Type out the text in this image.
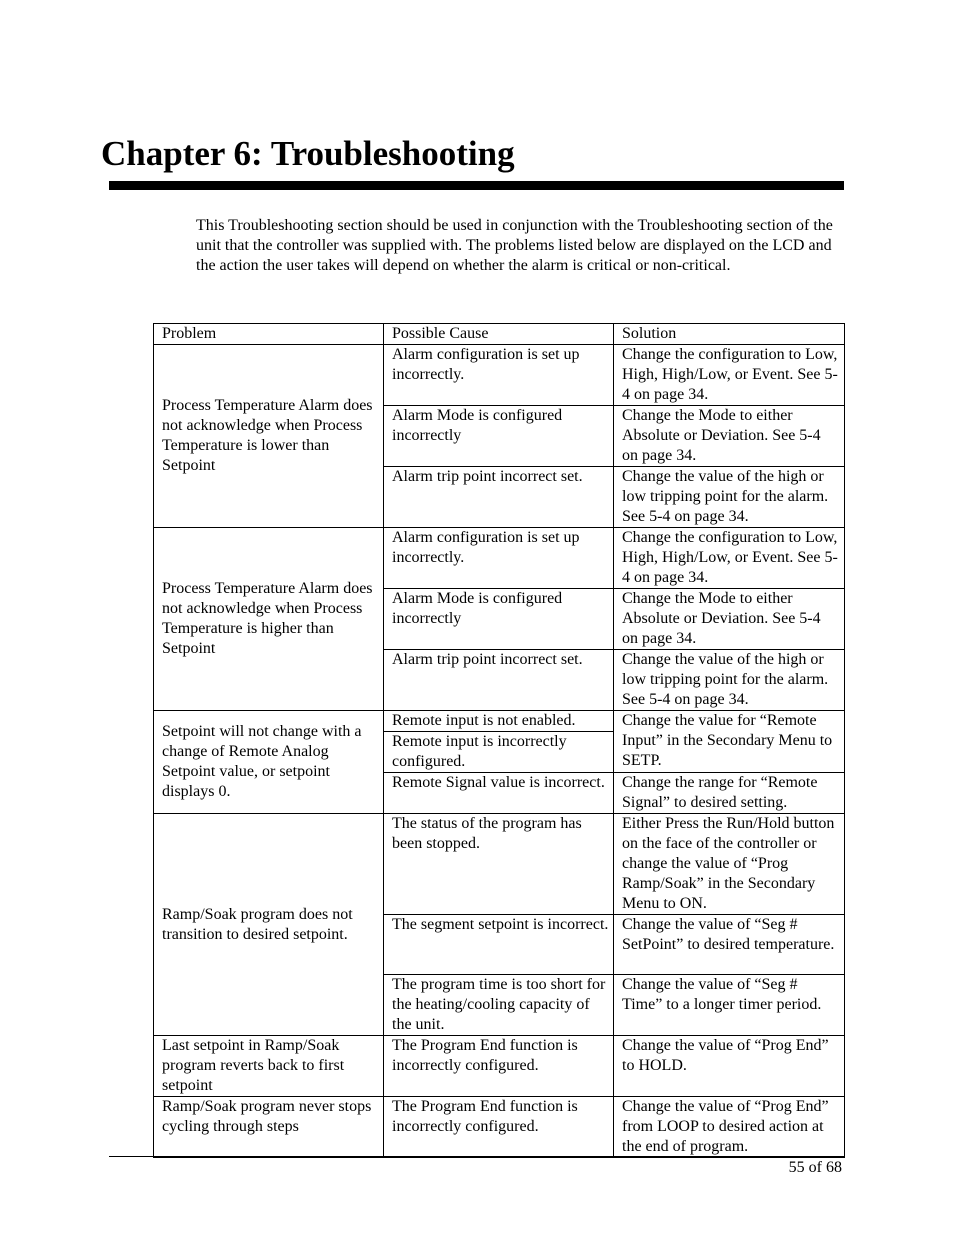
Chapter 6: Troubleshooting

This Troubleshooting section should be used in conjunction with the Troubleshooting section of the unit that the controller was supplied with. The problems listed below are displayed on the LCD and the action the user takes will depend on whether the alarm is critical or non-critical.

Problem	Possible Cause	Solution
Process Temperature Alarm does not acknowledge when Process Temperature is lower than Setpoint	Alarm configuration is set up incorrectly.	Change the configuration to Low, High, High/Low, or Event. See 5-4 on page 34.
	Alarm Mode is configured incorrectly	Change the Mode to either Absolute or Deviation. See 5-4 on page 34.
	Alarm trip point incorrect set.	Change the value of the high or low tripping point for the alarm. See 5-4 on page 34.
Process Temperature Alarm does not acknowledge when Process Temperature is higher than Setpoint	Alarm configuration is set up incorrectly.	Change the configuration to Low, High, High/Low, or Event. See 5-4 on page 34.
	Alarm Mode is configured incorrectly	Change the Mode to either Absolute or Deviation. See 5-4 on page 34.
	Alarm trip point incorrect set.	Change the value of the high or low tripping point for the alarm. See 5-4 on page 34.
Setpoint will not change with a change of Remote Analog Setpoint value, or setpoint displays 0.	Remote input is not enabled.	Change the value for “Remote Input” in the Secondary Menu to SETP.
	Remote input is incorrectly configured.	
	Remote Signal value is incorrect.	Change the range for “Remote Signal” to desired setting.
Ramp/Soak program does not transition to desired setpoint.	The status of the program has been stopped.	Either Press the Run/Hold button on the face of the controller or change the value of “Prog Ramp/Soak” in the Secondary Menu to ON.
	The segment setpoint is incorrect.	Change the value of “Seg # SetPoint” to desired temperature.
	The program time is too short for the heating/cooling capacity of the unit.	Change the value of “Seg # Time” to a longer timer period.
Last setpoint in Ramp/Soak program reverts back to first setpoint	The Program End function is incorrectly configured.	Change the value of “Prog End” to HOLD.
Ramp/Soak program never stops cycling through steps	The Program End function is incorrectly configured.	Change the value of “Prog End” from LOOP to desired action at the end of program.
55 of 68
